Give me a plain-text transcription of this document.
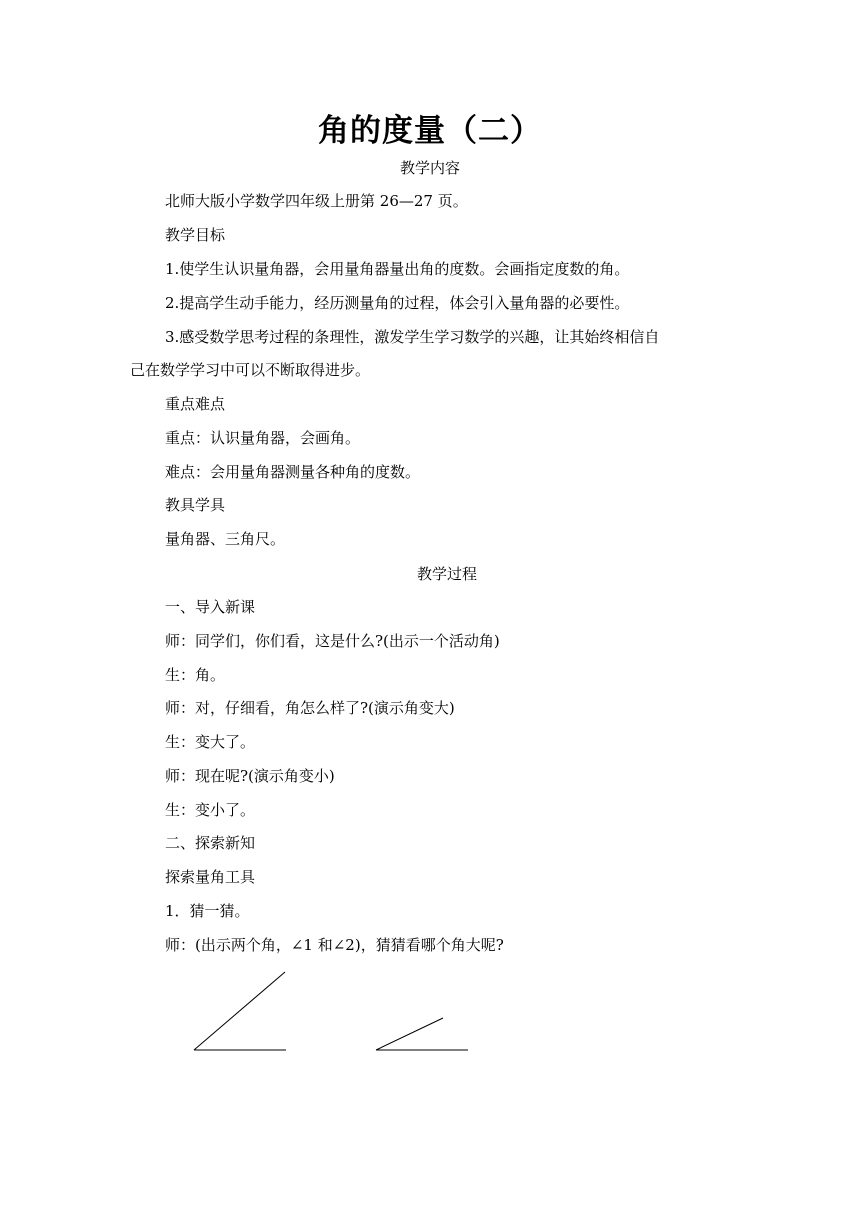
角的度量（二）
教学内容
北师大版小学数学四年级上册第 26—27 页。
教学目标
1.使学生认识量角器，会用量角器量出角的度数。会画指定度数的角。
2.提高学生动手能力，经历测量角的过程，体会引入量角器的必要性。
3.感受数学思考过程的条理性，激发学生学习数学的兴趣，让其始终相信自
己在数学学习中可以不断取得进步。
重点难点
重点：认识量角器，会画角。
难点：会用量角器测量各种角的度数。
教具学具
量角器、三角尺。
教学过程
一、导入新课
师：同学们，你们看，这是什么?(出示一个活动角)
生：角。
师：对，仔细看，角怎么样了?(演示角变大)
生：变大了。
师：现在呢?(演示角变小)
生：变小了。
二、探索新知
探索量角工具
1．猜一猜。
师：(出示两个角，∠1 和∠2)，猜猜看哪个角大呢?
